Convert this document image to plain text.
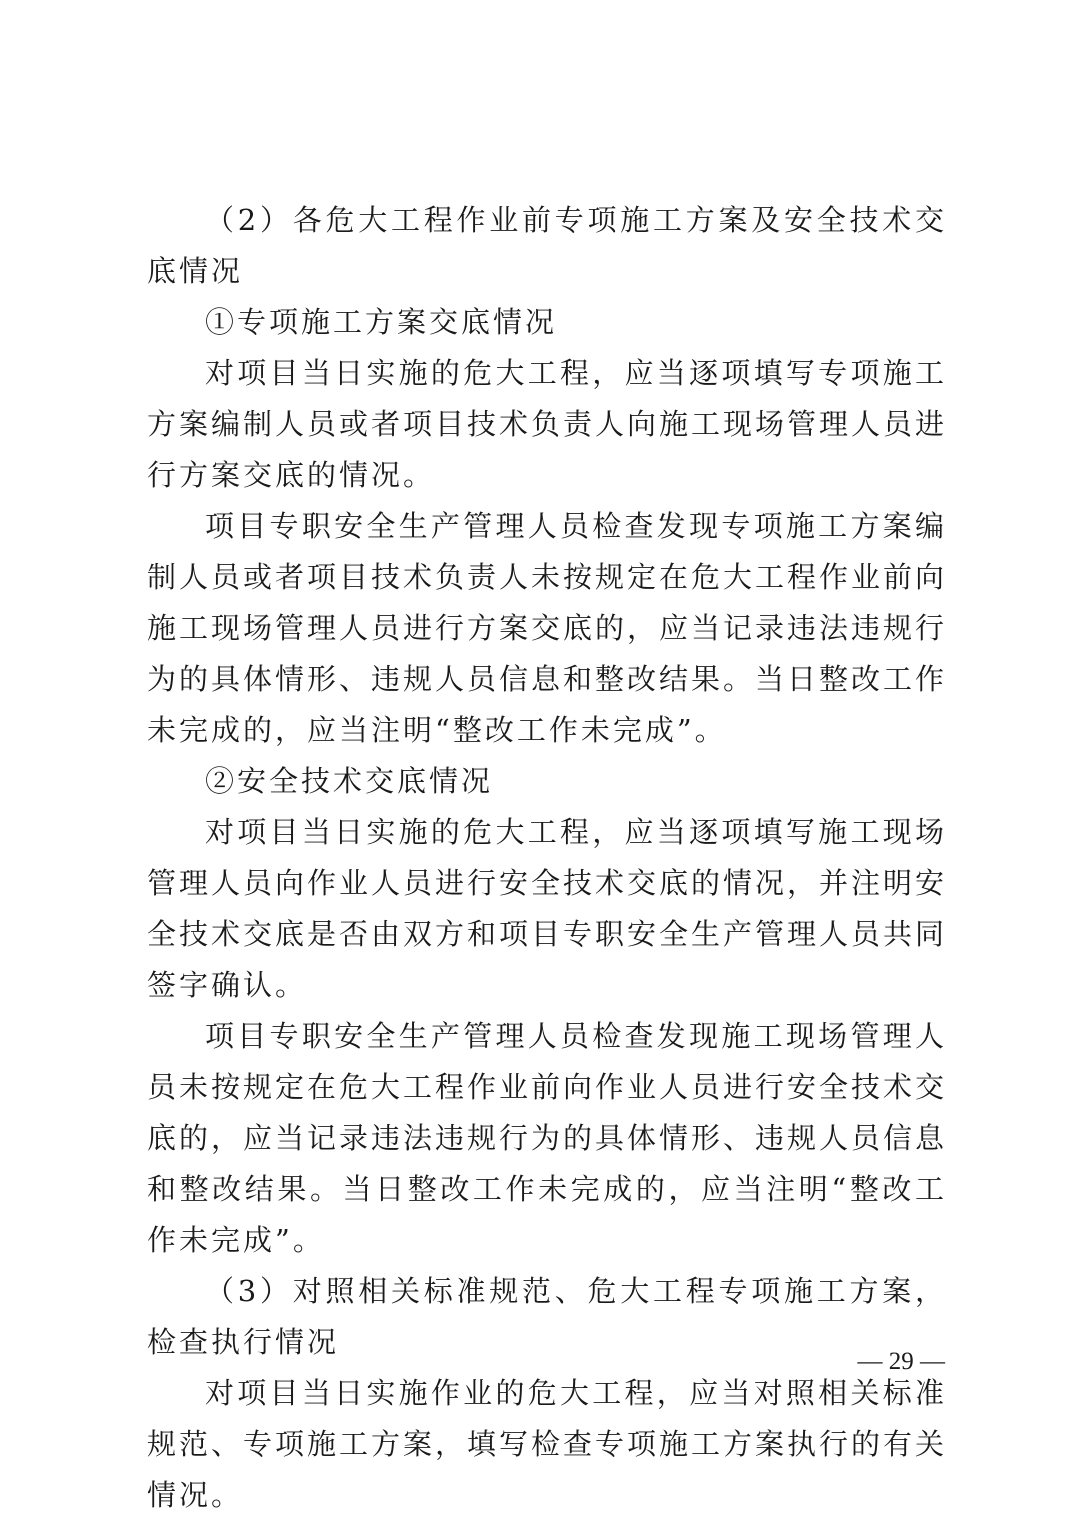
（2）各危大工程作业前专项施工方案及安全技术交底情况

①专项施工方案交底情况

对项目当日实施的危大工程，应当逐项填写专项施工方案编制人员或者项目技术负责人向施工现场管理人员进行方案交底的情况。

项目专职安全生产管理人员检查发现专项施工方案编制人员或者项目技术负责人未按规定在危大工程作业前向施工现场管理人员进行方案交底的，应当记录违法违规行为的具体情形、违规人员信息和整改结果。当日整改工作未完成的，应当注明“整改工作未完成”。

②安全技术交底情况

对项目当日实施的危大工程，应当逐项填写施工现场管理人员向作业人员进行安全技术交底的情况，并注明安全技术交底是否由双方和项目专职安全生产管理人员共同签字确认。

项目专职安全生产管理人员检查发现施工现场管理人员未按规定在危大工程作业前向作业人员进行安全技术交底的，应当记录违法违规行为的具体情形、违规人员信息和整改结果。当日整改工作未完成的，应当注明“整改工作未完成”。

（3）对照相关标准规范、危大工程专项施工方案，检查执行情况

对项目当日实施作业的危大工程，应当对照相关标准规范、专项施工方案，填写检查专项施工方案执行的有关情况。

— 29 —
